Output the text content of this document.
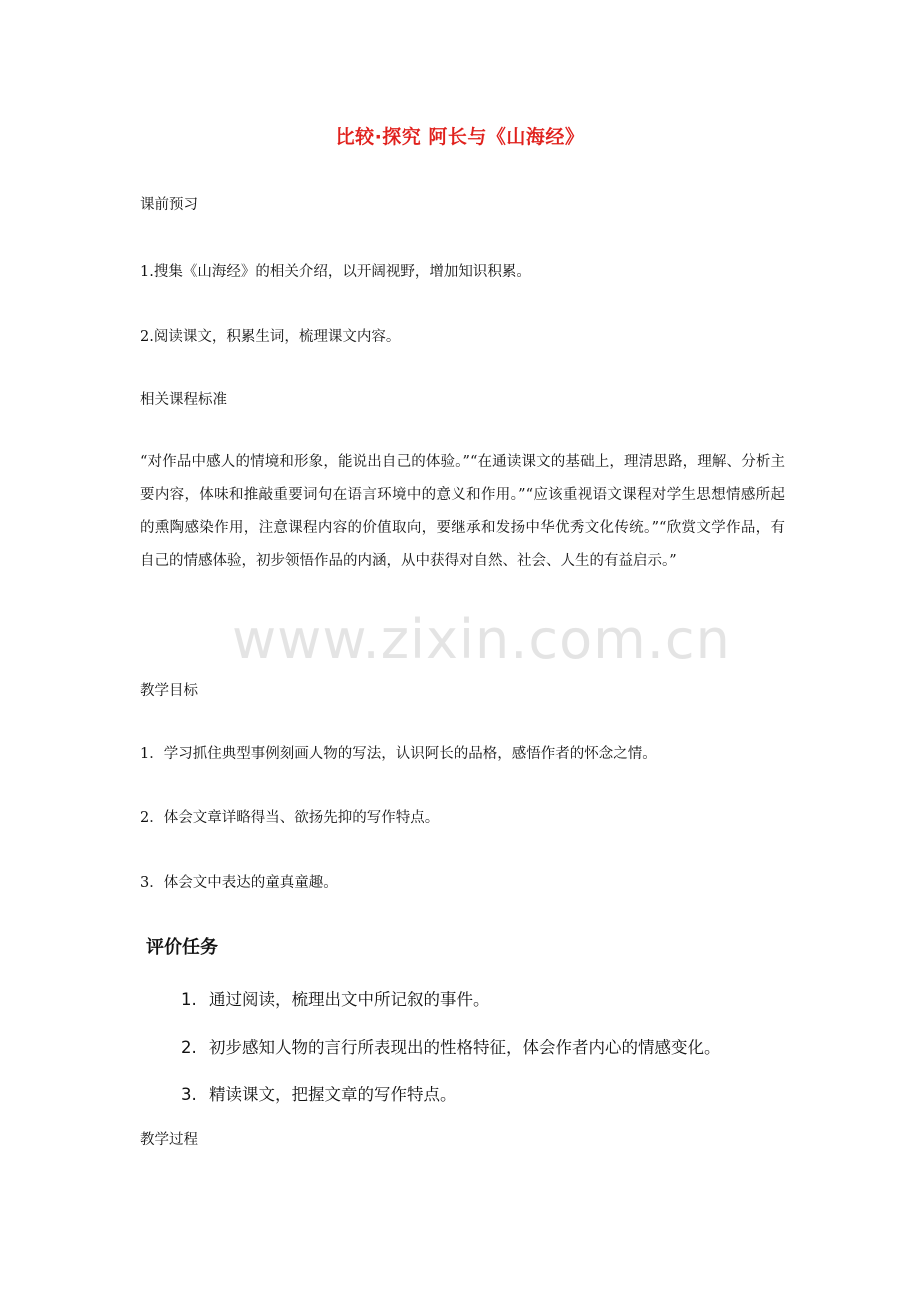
比较·探究 阿长与《山海经》

课前预习

1.搜集《山海经》的相关介绍，以开阔视野，增加知识积累。

2.阅读课文，积累生词，梳理课文内容。

相关课程标准

“对作品中感人的情境和形象，能说出自己的体验。”“在通读课文的基础上，理清思路，理解、分析主要内容，体味和推敲重要词句在语言环境中的意义和作用。”“应该重视语文课程对学生思想情感所起的熏陶感染作用，注意课程内容的价值取向，要继承和发扬中华优秀文化传统。”“欣赏文学作品，有自己的情感体验，初步领悟作品的内涵，从中获得对自然、社会、人生的有益启示。”

www.zixin.com.cn

教学目标

1．学习抓住典型事例刻画人物的写法，认识阿长的品格，感悟作者的怀念之情。

2．体会文章详略得当、欲扬先抑的写作特点。

3．体会文中表达的童真童趣。

评价任务

1. 通过阅读，梳理出文中所记叙的事件。

2. 初步感知人物的言行所表现出的性格特征，体会作者内心的情感变化。

3. 精读课文，把握文章的写作特点。

教学过程
